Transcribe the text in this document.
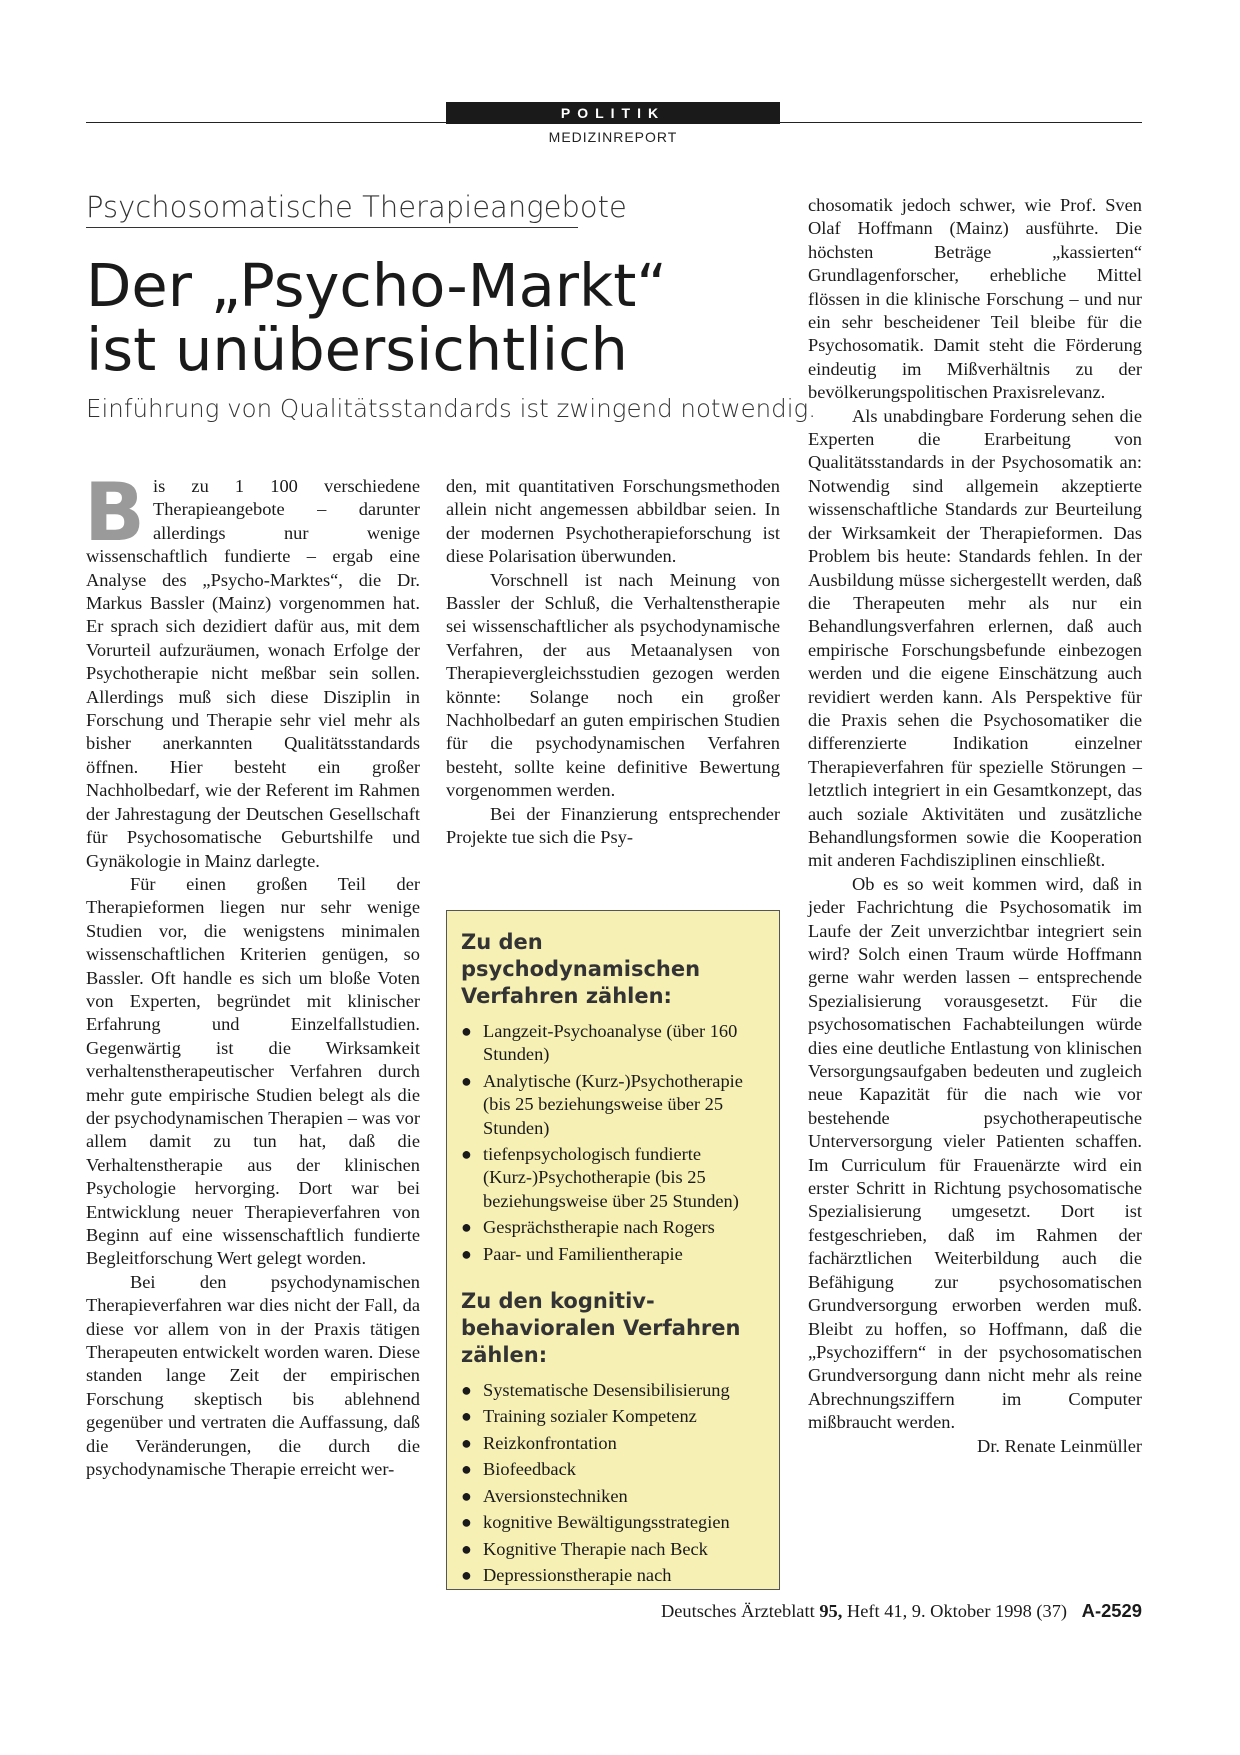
POLITIK
MEDIZINREPORT
Psychosomatische Therapieangebote
Der „Psycho-Markt“ ist unübersichtlich
Einführung von Qualitätsstandards ist zwingend notwendig.

Bis zu 1 100 verschiedene Therapieangebote – darunter allerdings nur wenige wissenschaftlich fundierte – ergab eine Analyse des „Psycho-Marktes“, die Dr. Markus Bassler (Mainz) vorgenommen hat. Er sprach sich dezidiert dafür aus, mit dem Vorurteil aufzuräumen, wonach Erfolge der Psychotherapie nicht meßbar sein sollen. Allerdings muß sich diese Disziplin in Forschung und Therapie sehr viel mehr als bisher anerkannten Qualitätsstandards öffnen. Hier besteht ein großer Nachholbedarf, wie der Referent im Rahmen der Jahrestagung der Deutschen Gesellschaft für Psychosomatische Geburtshilfe und Gynäkologie in Mainz darlegte.

Für einen großen Teil der Therapieformen liegen nur sehr wenige Studien vor, die wenigstens minimalen wissenschaftlichen Kriterien genügen, so Bassler. Oft handle es sich um bloße Voten von Experten, begründet mit klinischer Erfahrung und Einzelfallstudien. Gegenwärtig ist die Wirksamkeit verhaltenstherapeutischer Verfahren durch mehr gute empirische Studien belegt als die der psychodynamischen Therapien – was vor allem damit zu tun hat, daß die Verhaltenstherapie aus der klinischen Psychologie hervorging. Dort war bei Entwicklung neuer Therapieverfahren von Beginn auf eine wissenschaftlich fundierte Begleitforschung Wert gelegt worden.

Bei den psychodynamischen Therapieverfahren war dies nicht der Fall, da diese vor allem von in der Praxis tätigen Therapeuten entwickelt worden waren. Diese standen lange Zeit der empirischen Forschung skeptisch bis ablehnend gegenüber und vertraten die Auffassung, daß die Veränderungen, die durch die psychodynamische Therapie erreicht wer-

den, mit quantitativen Forschungsmethoden allein nicht angemessen abbildbar seien. In der modernen Psychotherapieforschung ist diese Polarisation überwunden.

Vorschnell ist nach Meinung von Bassler der Schluß, die Verhaltenstherapie sei wissenschaftlicher als psychodynamische Verfahren, der aus Metaanalysen von Therapievergleichsstudien gezogen werden könnte: Solange noch ein großer Nachholbedarf an guten empirischen Studien für die psychodynamischen Verfahren besteht, sollte keine definitive Bewertung vorgenommen werden.

Bei der Finanzierung entsprechender Projekte tue sich die Psy-

Zu den psychodynamischen Verfahren zählen:
● Langzeit-Psychoanalyse (über 160 Stunden)
● Analytische (Kurz-)Psychotherapie (bis 25 beziehungsweise über 25 Stunden)
● tiefenpsychologisch fundierte (Kurz-)Psychotherapie (bis 25 beziehungsweise über 25 Stunden)
● Gesprächstherapie nach Rogers
● Paar- und Familientherapie
Zu den kognitiv-behavioralen Verfahren zählen:
● Systematische Desensibilisierung
● Training sozialer Kompetenz
● Reizkonfrontation
● Biofeedback
● Aversionstechniken
● kognitive Bewältigungsstrategien
● Kognitive Therapie nach Beck
● Depressionstherapie nach

chosomatik jedoch schwer, wie Prof. Sven Olaf Hoffmann (Mainz) ausführte. Die höchsten Beträge „kassierten“ Grundlagenforscher, erhebliche Mittel flössen in die klinische Forschung – und nur ein sehr bescheidener Teil bleibe für die Psychosomatik. Damit steht die Förderung eindeutig im Mißverhältnis zu der bevölkerungspolitischen Praxisrelevanz.

Als unabdingbare Forderung sehen die Experten die Erarbeitung von Qualitätsstandards in der Psychosomatik an: Notwendig sind allgemein akzeptierte wissenschaftliche Standards zur Beurteilung der Wirksamkeit der Therapieformen. Das Problem bis heute: Standards fehlen. In der Ausbildung müsse sichergestellt werden, daß die Therapeuten mehr als nur ein Behandlungsverfahren erlernen, daß auch empirische Forschungsbefunde einbezogen werden und die eigene Einschätzung auch revidiert werden kann. Als Perspektive für die Praxis sehen die Psychosomatiker die differenzierte Indikation einzelner Therapieverfahren für spezielle Störungen – letztlich integriert in ein Gesamtkonzept, das auch soziale Aktivitäten und zusätzliche Behandlungsformen sowie die Kooperation mit anderen Fachdisziplinen einschließt.

Ob es so weit kommen wird, daß in jeder Fachrichtung die Psychosomatik im Laufe der Zeit unverzichtbar integriert sein wird? Solch einen Traum würde Hoffmann gerne wahr werden lassen – entsprechende Spezialisierung vorausgesetzt. Für die psychosomatischen Fachabteilungen würde dies eine deutliche Entlastung von klinischen Versorgungsaufgaben bedeuten und zugleich neue Kapazität für die nach wie vor bestehende psychotherapeutische Unterversorgung vieler Patienten schaffen. Im Curriculum für Frauenärzte wird ein erster Schritt in Richtung psychosomatische Spezialisierung umgesetzt. Dort ist festgeschrieben, daß im Rahmen der fachärztlichen Weiterbildung auch die Befähigung zur psychosomatischen Grundversorgung erworben werden muß. Bleibt zu hoffen, so Hoffmann, daß die „Psychoziffern“ in der psychosomatischen Grundversorgung dann nicht mehr als reine Abrechnungsziffern im Computer mißbraucht werden.
Dr. Renate Leinmüller

Deutsches Ärzteblatt 95, Heft 41, 9. Oktober 1998 (37) A-2529
